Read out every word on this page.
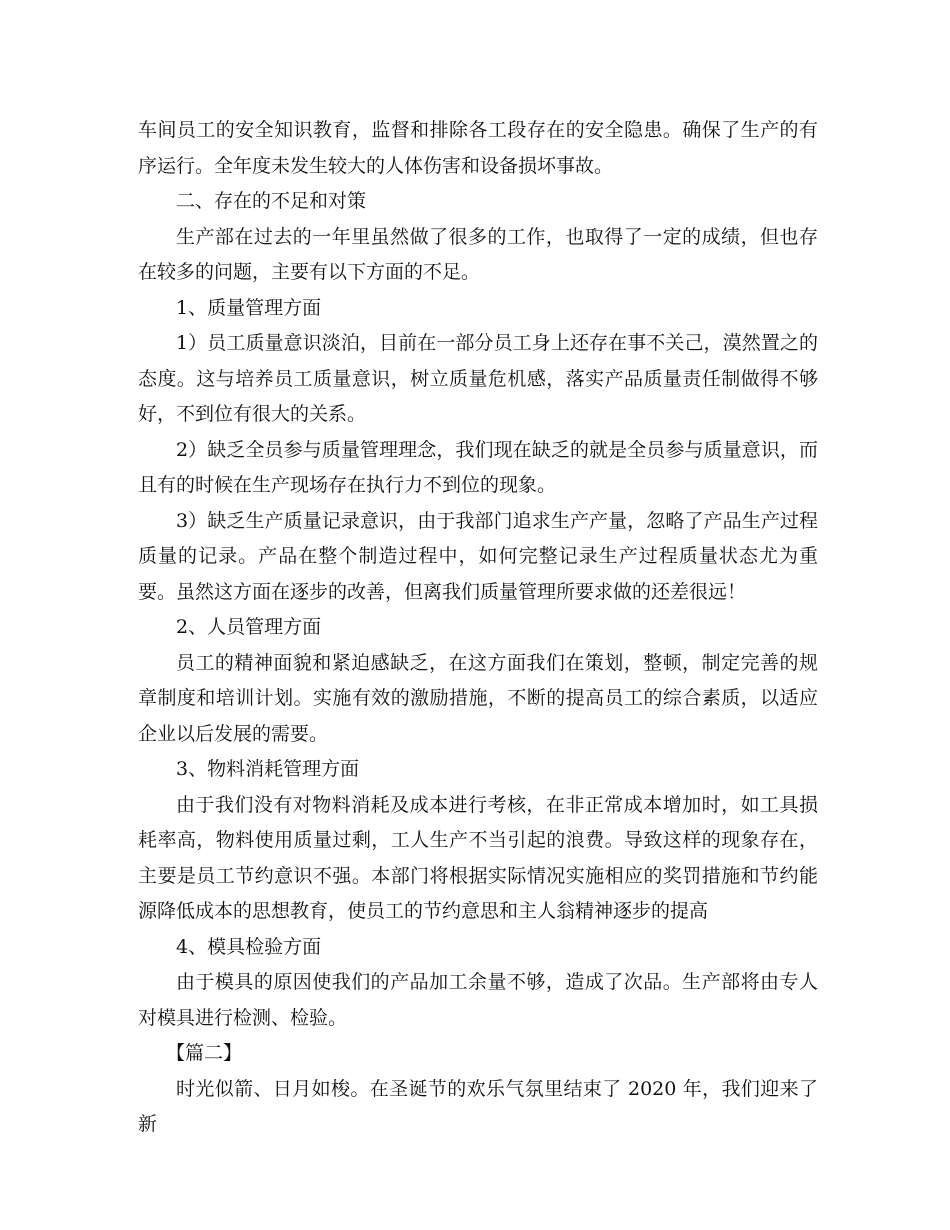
车间员工的安全知识教育，监督和排除各工段存在的安全隐患。确保了生产的有序运行。全年度未发生较大的人体伤害和设备损坏事故。

二、存在的不足和对策

生产部在过去的一年里虽然做了很多的工作，也取得了一定的成绩，但也存在较多的问题，主要有以下方面的不足。

1、质量管理方面

1）员工质量意识淡泊，目前在一部分员工身上还存在事不关己，漠然置之的态度。这与培养员工质量意识，树立质量危机感，落实产品质量责任制做得不够好，不到位有很大的关系。

2）缺乏全员参与质量管理理念，我们现在缺乏的就是全员参与质量意识，而且有的时候在生产现场存在执行力不到位的现象。

3）缺乏生产质量记录意识，由于我部门追求生产产量，忽略了产品生产过程质量的记录。产品在整个制造过程中，如何完整记录生产过程质量状态尤为重要。虽然这方面在逐步的改善，但离我们质量管理所要求做的还差很远！

2、人员管理方面

员工的精神面貌和紧迫感缺乏，在这方面我们在策划，整顿，制定完善的规章制度和培训计划。实施有效的激励措施，不断的提高员工的综合素质，以适应企业以后发展的需要。

3、物料消耗管理方面

由于我们没有对物料消耗及成本进行考核，在非正常成本增加时，如工具损耗率高，物料使用质量过剩，工人生产不当引起的浪费。导致这样的现象存在，主要是员工节约意识不强。本部门将根据实际情况实施相应的奖罚措施和节约能源降低成本的思想教育，使员工的节约意思和主人翁精神逐步的提高

4、模具检验方面

由于模具的原因使我们的产品加工余量不够，造成了次品。生产部将由专人对模具进行检测、检验。

【篇二】

时光似箭、日月如梭。在圣诞节的欢乐气氛里结束了 2020 年，我们迎来了新
